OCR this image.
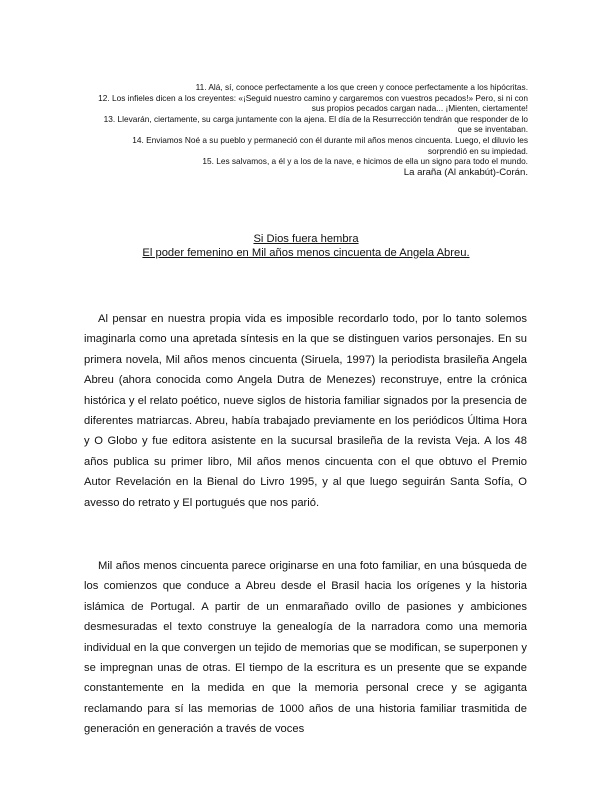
11. Alá, sí, conoce perfectamente a los que creen y conoce perfectamente a los hipócritas.

12. Los infieles dicen a los creyentes: «¡Seguid nuestro camino y cargaremos con vuestros pecados!» Pero, si ni con sus propios pecados cargan nada... ¡Mienten, ciertamente!

13. Llevarán, ciertamente, su carga juntamente con la ajena. El día de la Resurrección tendrán que responder de lo que se inventaban.

14. Enviamos Noé a su pueblo y permaneció con él durante mil años menos cincuenta. Luego, el diluvio les sorprendió en su impiedad.

15. Les salvamos, a él y a los de la nave, e hicimos de ella un signo para todo el mundo.

La araña (Al ankabút)-Corán.

Si Dios fuera hembra
El poder femenino en Mil años menos cincuenta de Angela Abreu.

Al pensar en nuestra propia vida es imposible recordarlo todo, por lo tanto solemos imaginarla como una apretada síntesis en la que se distinguen varios personajes. En su primera novela, Mil años menos cincuenta (Siruela, 1997) la periodista brasileña Angela Abreu (ahora conocida como Angela Dutra de Menezes) reconstruye, entre la crónica histórica y el relato poético, nueve siglos de historia familiar signados por la presencia de diferentes matriarcas. Abreu, había trabajado previamente en los periódicos Última Hora y O Globo y fue editora asistente en la sucursal brasileña de la revista Veja. A los 48 años publica su primer libro, Mil años menos cincuenta con el que obtuvo el Premio Autor Revelación en la Bienal do Livro 1995, y al que luego seguirán Santa Sofía, O avesso do retrato y El portugués que nos parió.

Mil años menos cincuenta parece originarse en una foto familiar, en una búsqueda de los comienzos que conduce a Abreu desde el Brasil hacia los orígenes y la historia islámica de Portugal. A partir de un enmarañado ovillo de pasiones y ambiciones desmesuradas el texto construye la genealogía de la narradora como una memoria individual en la que convergen un tejido de memorias que se modifican, se superponen y se impregnan unas de otras. El tiempo de la escritura es un presente que se expande constantemente en la medida en que la memoria personal crece y se agiganta reclamando para sí las memorias de 1000 años de una historia familiar trasmitida de generación en generación a través de voces
